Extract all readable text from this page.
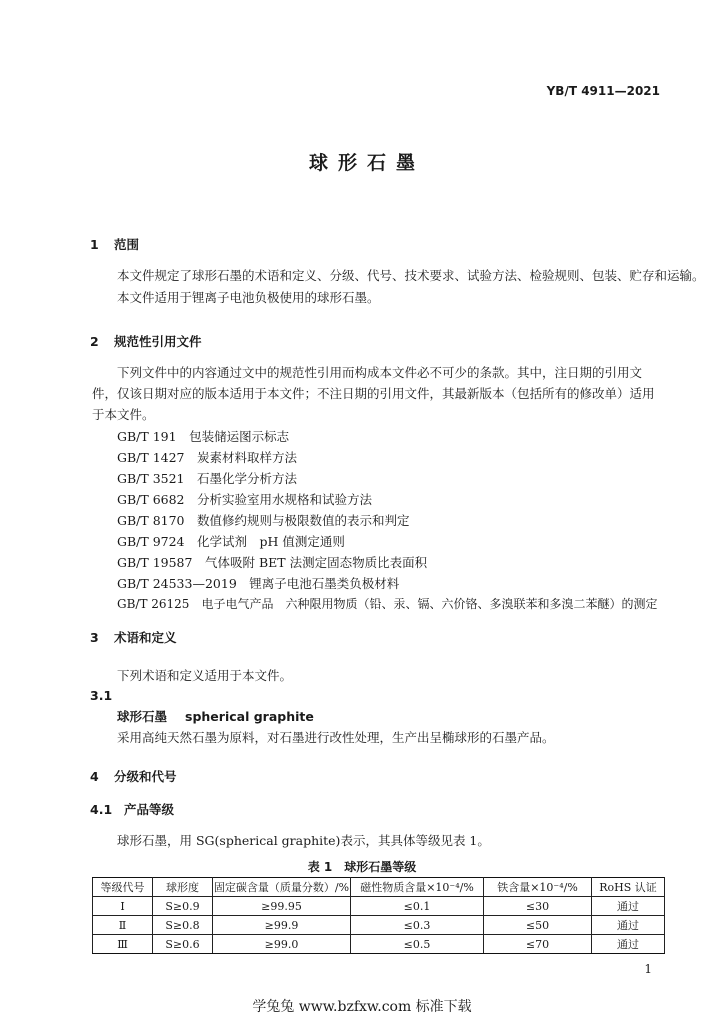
YB/T 4911—2021
球形石墨
1 范围
本文件规定了球形石墨的术语和定义、分级、代号、技术要求、试验方法、检验规则、包装、贮存和运输。
本文件适用于锂离子电池负极使用的球形石墨。
2 规范性引用文件
下列文件中的内容通过文中的规范性引用而构成本文件必不可少的条款。其中，注日期的引用文件，仅该日期对应的版本适用于本文件；不注日期的引用文件，其最新版本（包括所有的修改单）适用于本文件。
GB/T 191　 包装储运图示标志
GB/T 1427　 炭素材料取样方法
GB/T 3521　 石墨化学分析方法
GB/T 6682　 分析实验室用水规格和试验方法
GB/T 8170　 数值修约规则与极限数值的表示和判定
GB/T 9724　 化学试剂　pH 值测定通则
GB/T 19587　 气体吸附 BET 法测定固态物质比表面积
GB/T 24533—2019　 锂离子电池石墨类负极材料
GB/T 26125　 电子电气产品　六种限用物质（铅、汞、镉、六价铬、多溴联苯和多溴二苯醚）的测定
3 术语和定义
下列术语和定义适用于本文件。
3.1
球形石墨 spherical graphite
采用高纯天然石墨为原料，对石墨进行改性处理，生产出呈椭球形的石墨产品。
4 分级和代号
4.1 产品等级
球形石墨，用 SG(spherical graphite)表示，其具体等级见表 1。
表 1　球形石墨等级
等级代号	球形度	固定碳含量（质量分数）/%	磁性物质含量×10⁻⁴/%	铁含量×10⁻⁴/%	RoHS 认证
Ⅰ	S≥0.9	≥99.95	≤0.1	≤30	通过
Ⅱ	S≥0.8	≥99.9	≤0.3	≤50	通过
Ⅲ	S≥0.6	≥99.0	≤0.5	≤70	通过
1
学兔兔 www.bzfxw.com 标准下载
